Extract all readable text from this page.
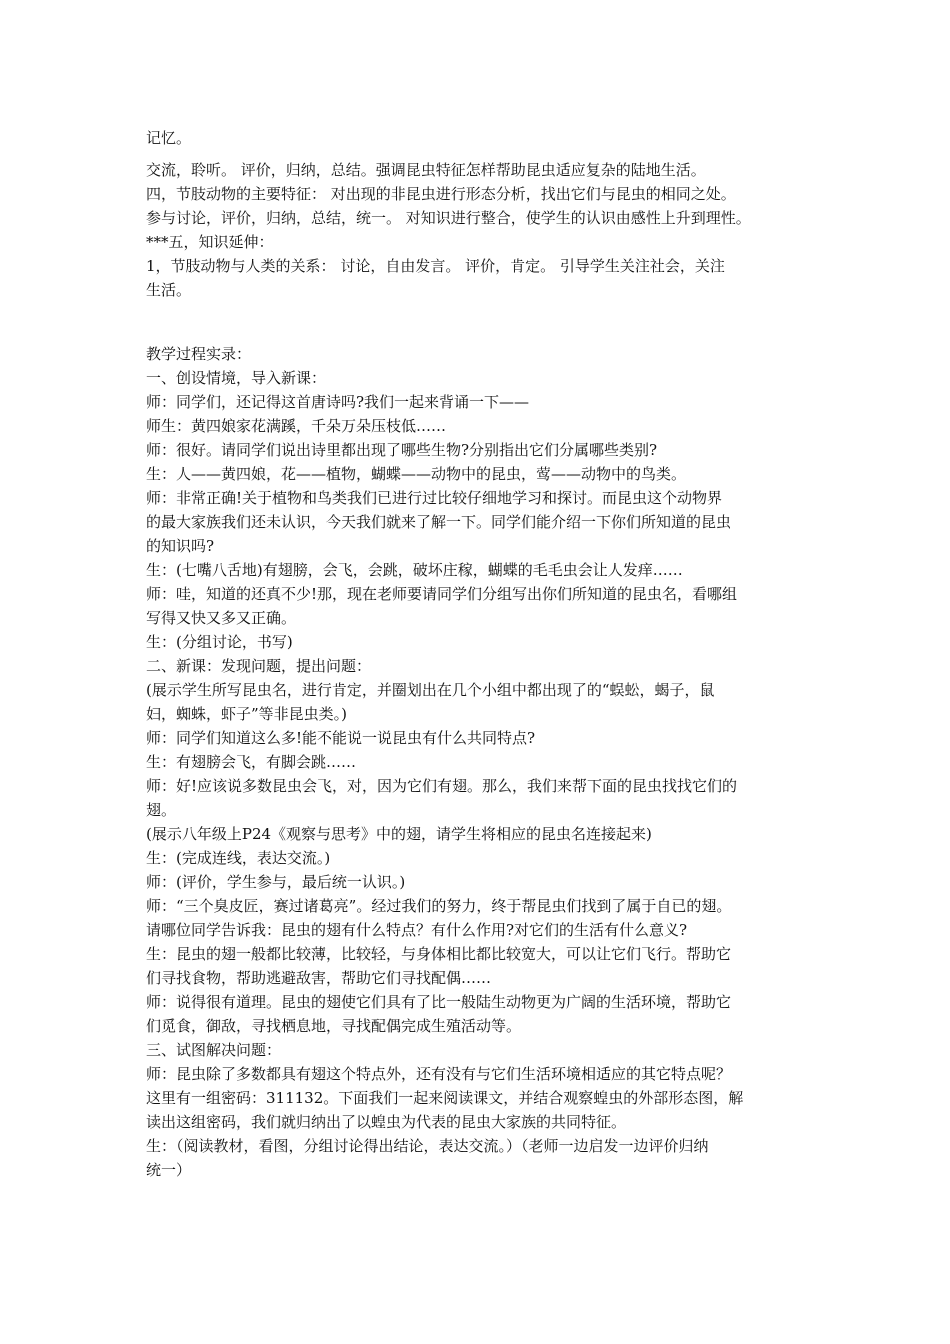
记忆。
交流，聆听。 评价，归纳，总结。强调昆虫特征怎样帮助昆虫适应复杂的陆地生活。
四，节肢动物的主要特征： 对出现的非昆虫进行形态分析，找出它们与昆虫的相同之处。
参与讨论，评价，归纳，总结，统一。 对知识进行整合，使学生的认识由感性上升到理性。
***五，知识延伸：
1，节肢动物与人类的关系： 讨论，自由发言。 评价，肯定。 引导学生关注社会，关注
生活。
教学过程实录：
一、创设情境，导入新课：
师：同学们，还记得这首唐诗吗?我们一起来背诵一下——
师生：黄四娘家花满蹊，千朵万朵压枝低……
师：很好。请同学们说出诗里都出现了哪些生物?分别指出它们分属哪些类别?
生：人——黄四娘，花——植物，蝴蝶——动物中的昆虫，莺——动物中的鸟类。
师：非常正确!关于植物和鸟类我们已进行过比较仔细地学习和探讨。而昆虫这个动物界
的最大家族我们还未认识，今天我们就来了解一下。同学们能介绍一下你们所知道的昆虫
的知识吗?
生：(七嘴八舌地)有翅膀，会飞，会跳，破坏庄稼，蝴蝶的毛毛虫会让人发痒……
师：哇，知道的还真不少!那，现在老师要请同学们分组写出你们所知道的昆虫名，看哪组
写得又快又多又正确。
生：(分组讨论，书写)
二、新课：发现问题，提出问题：
(展示学生所写昆虫名，进行肯定，并圈划出在几个小组中都出现了的“蜈蚣，蝎子，鼠
妇，蜘蛛，虾子”等非昆虫类。)
师：同学们知道这么多!能不能说一说昆虫有什么共同特点?
生：有翅膀会飞，有脚会跳……
师：好!应该说多数昆虫会飞，对，因为它们有翅。那么，我们来帮下面的昆虫找找它们的
翅。
(展示八年级上P24《观察与思考》中的翅，请学生将相应的昆虫名连接起来)
生：(完成连线，表达交流。)
师：(评价，学生参与，最后统一认识。)
师：“三个臭皮匠，赛过诸葛亮”。经过我们的努力，终于帮昆虫们找到了属于自已的翅。
请哪位同学告诉我：昆虫的翅有什么特点？有什么作用?对它们的生活有什么意义?
生：昆虫的翅一般都比较薄，比较轻，与身体相比都比较宽大，可以让它们飞行。帮助它
们寻找食物，帮助逃避敌害，帮助它们寻找配偶……
师：说得很有道理。昆虫的翅使它们具有了比一般陆生动物更为广阔的生活环境，帮助它
们觅食，御敌，寻找栖息地，寻找配偶完成生殖活动等。
三、试图解决问题：
师：昆虫除了多数都具有翅这个特点外，还有没有与它们生活环境相适应的其它特点呢？
这里有一组密码：311132。下面我们一起来阅读课文，并结合观察蝗虫的外部形态图，解
读出这组密码，我们就归纳出了以蝗虫为代表的昆虫大家族的共同特征。
生：（阅读教材，看图，分组讨论得出结论，表达交流。）（老师一边启发一边评价归纳
统一）
